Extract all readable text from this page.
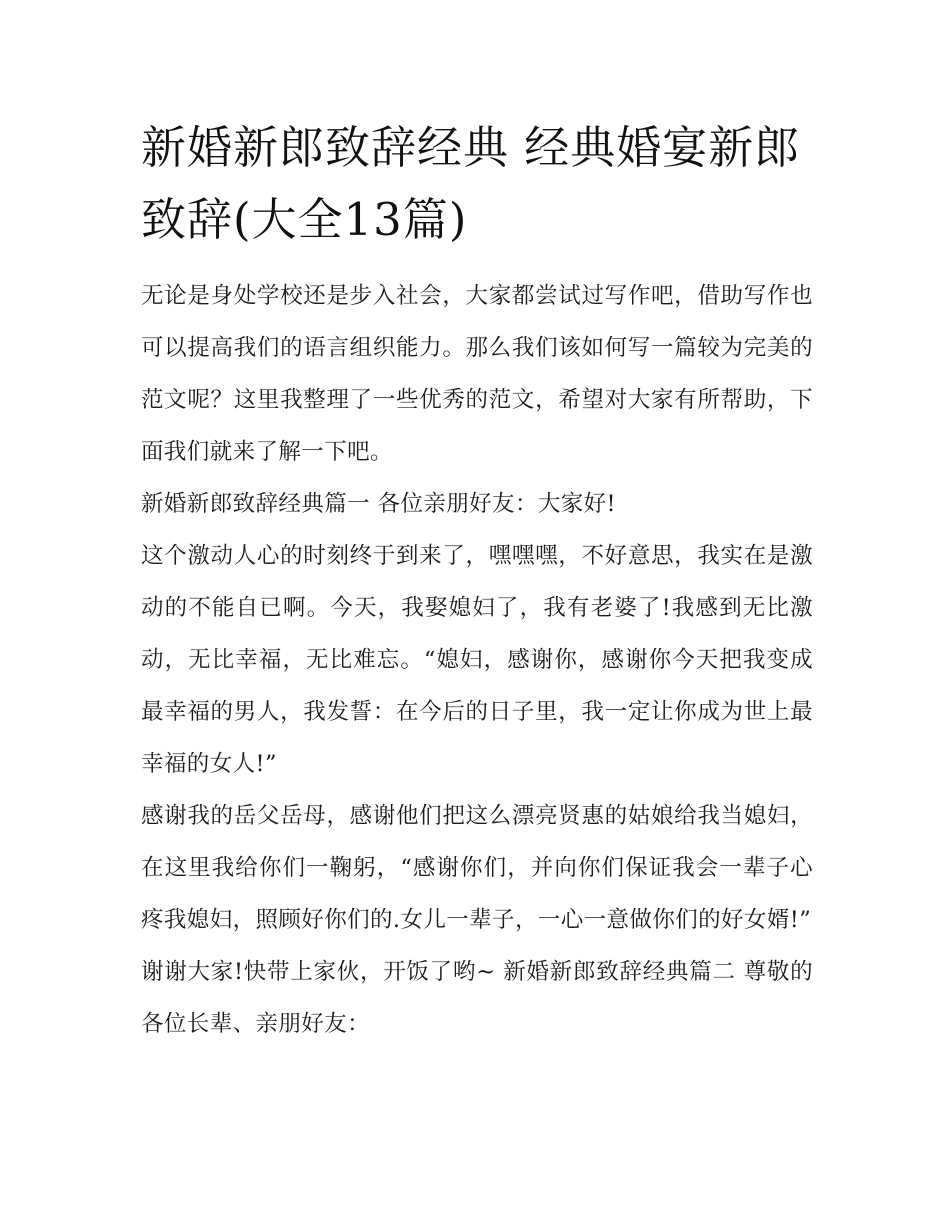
新婚新郎致辞经典 经典婚宴新郎致辞(大全13篇)

无论是身处学校还是步入社会，大家都尝试过写作吧，借助写作也可以提高我们的语言组织能力。那么我们该如何写一篇较为完美的范文呢？这里我整理了一些优秀的范文，希望对大家有所帮助，下面我们就来了解一下吧。

新婚新郎致辞经典篇一 各位亲朋好友：大家好!

这个激动人心的时刻终于到来了，嘿嘿嘿，不好意思，我实在是激动的不能自已啊。今天，我娶媳妇了，我有老婆了!我感到无比激动，无比幸福，无比难忘。“媳妇，感谢你，感谢你今天把我变成最幸福的男人，我发誓：在今后的日子里，我一定让你成为世上最幸福的女人!”

感谢我的岳父岳母，感谢他们把这么漂亮贤惠的姑娘给我当媳妇，在这里我给你们一鞠躬，“感谢你们，并向你们保证我会一辈子心疼我媳妇，照顾好你们的.女儿一辈子，一心一意做你们的好女婿!”

谢谢大家!快带上家伙，开饭了哟~ 新婚新郎致辞经典篇二 尊敬的各位长辈、亲朋好友：
